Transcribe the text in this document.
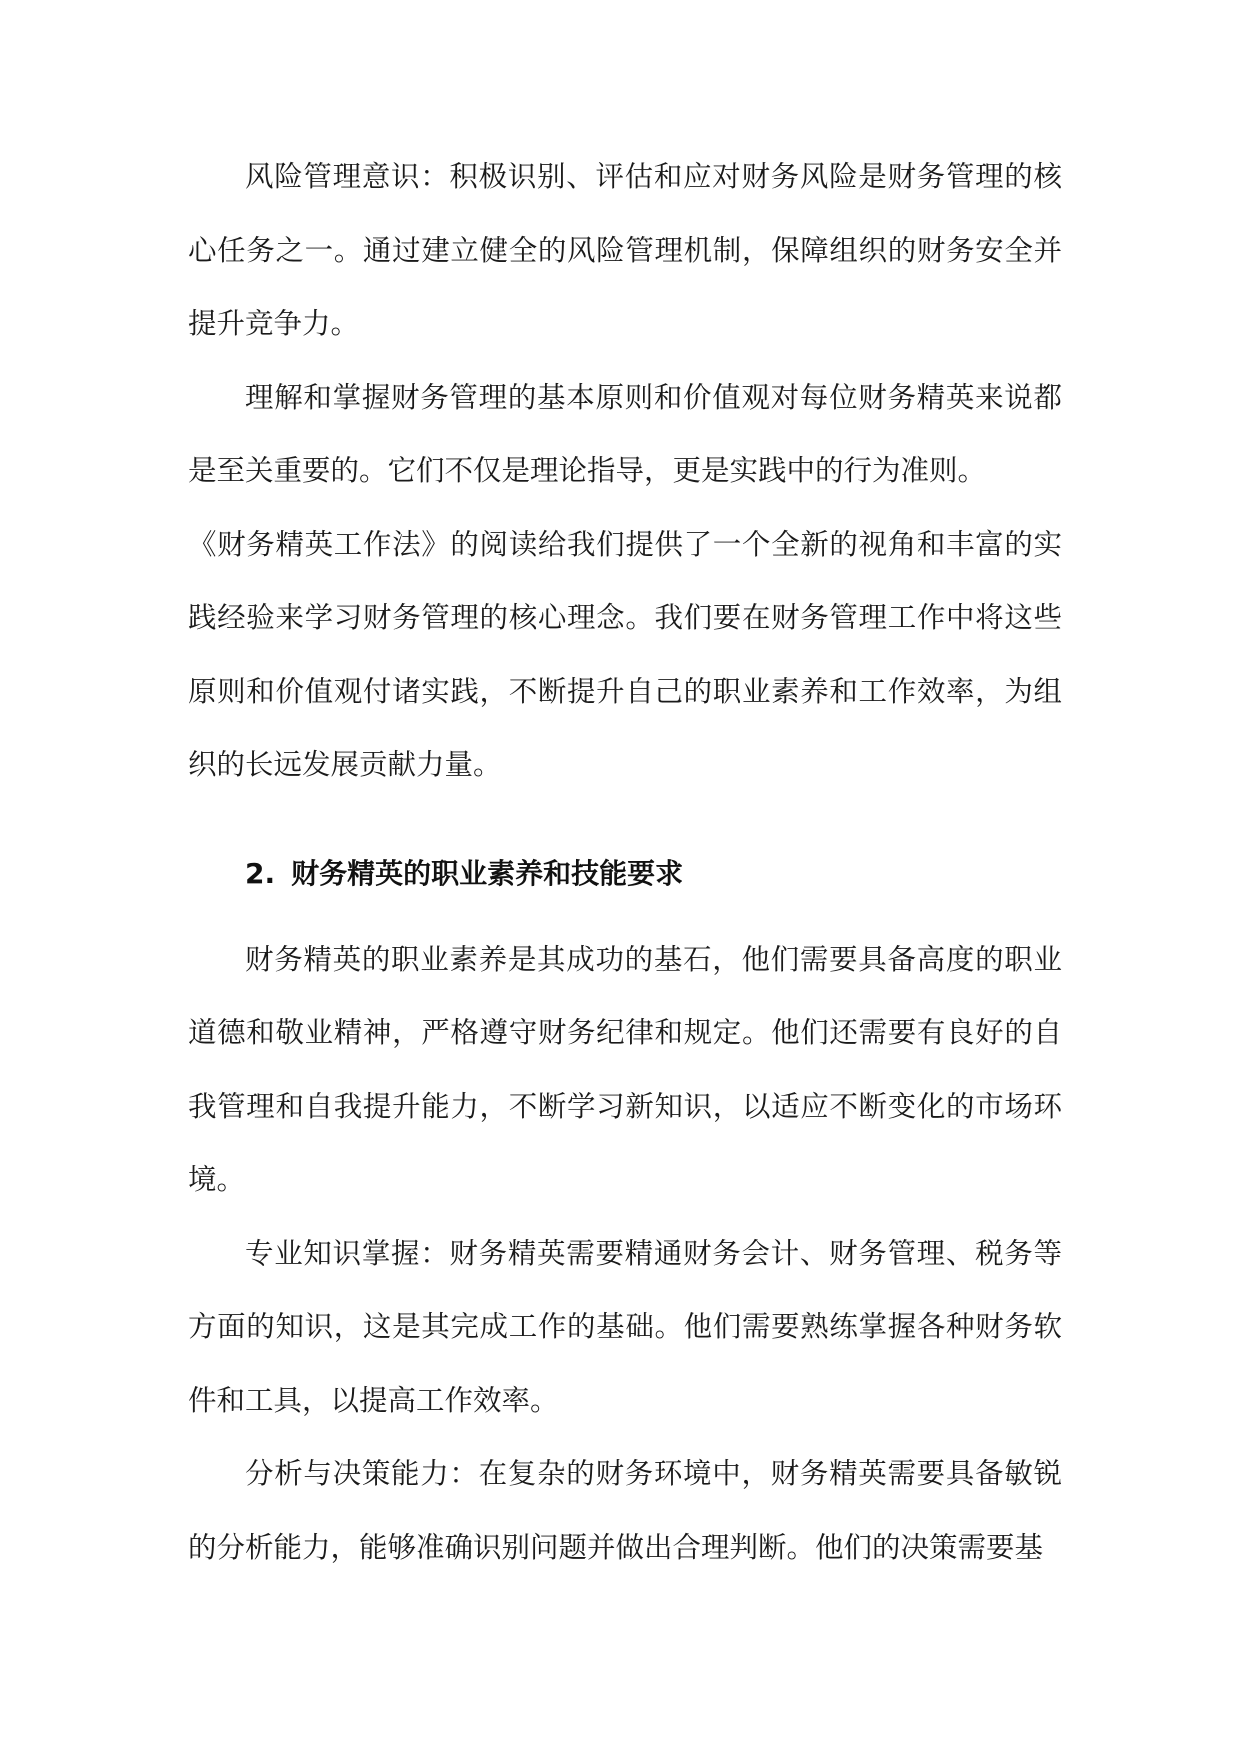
风险管理意识：积极识别、评估和应对财务风险是财务管理的核心任务之一。通过建立健全的风险管理机制，保障组织的财务安全并提升竞争力。

理解和掌握财务管理的基本原则和价值观对每位财务精英来说都是至关重要的。它们不仅是理论指导，更是实践中的行为准则。

《财务精英工作法》的阅读给我们提供了一个全新的视角和丰富的实践经验来学习财务管理的核心理念。我们要在财务管理工作中将这些原则和价值观付诸实践，不断提升自己的职业素养和工作效率，为组织的长远发展贡献力量。

2. 财务精英的职业素养和技能要求

财务精英的职业素养是其成功的基石，他们需要具备高度的职业道德和敬业精神，严格遵守财务纪律和规定。他们还需要有良好的自我管理和自我提升能力，不断学习新知识，以适应不断变化的市场环境。

专业知识掌握：财务精英需要精通财务会计、财务管理、税务等方面的知识，这是其完成工作的基础。他们需要熟练掌握各种财务软件和工具，以提高工作效率。

分析与决策能力：在复杂的财务环境中，财务精英需要具备敏锐的分析能力，能够准确识别问题并做出合理判断。他们的决策需要基
